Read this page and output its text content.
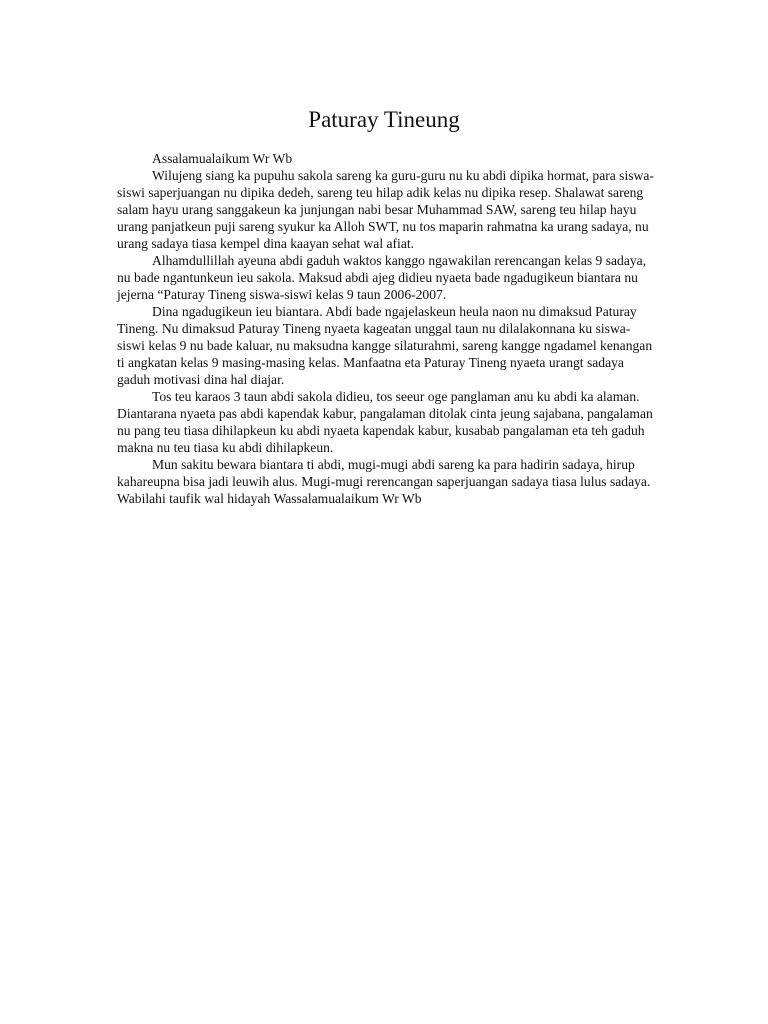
Paturay Tineung

Assalamualaikum Wr Wb

Wilujeng siang ka pupuhu sakola sareng ka guru-guru nu ku abdi dipika hormat, para siswa-siswi saperjuangan nu dipika dedeh, sareng teu hilap adik kelas nu dipika resep. Shalawat sareng salam hayu urang sanggakeun ka junjungan nabi besar Muhammad SAW, sareng teu hilap hayu urang panjatkeun puji sareng syukur ka Alloh SWT, nu tos maparin rahmatna ka urang sadaya, nu urang sadaya tiasa kempel dina kaayan sehat wal afiat.

Alhamdullillah ayeuna abdi gaduh waktos kanggo ngawakilan rerencangan kelas 9 sadaya, nu bade ngantunkeun ieu sakola. Maksud abdi ajeg didieu nyaeta bade ngadugikeun biantara nu jejerna “Paturay Tineng siswa-siswi kelas 9 taun 2006-2007.

Dina ngadugikeun ieu biantara. Abdi bade ngajelaskeun heula naon nu dimaksud Paturay Tineng. Nu dimaksud Paturay Tineng nyaeta kageatan unggal taun nu dilalakonnana ku siswa-siswi kelas 9 nu bade kaluar, nu maksudna kangge silaturahmi, sareng kangge ngadamel kenangan ti angkatan kelas 9 masing-masing kelas. Manfaatna eta Paturay Tineng nyaeta urangt sadaya gaduh motivasi dina hal diajar.

Tos teu karaos 3 taun abdi sakola didieu, tos seeur oge panglaman anu ku abdi ka alaman. Diantarana nyaeta pas abdi kapendak kabur, pangalaman ditolak cinta jeung sajabana, pangalaman nu pang teu tiasa dihilapkeun ku abdi nyaeta kapendak kabur, kusabab pangalaman eta teh gaduh makna nu teu tiasa ku abdi dihilapkeun.

Mun sakitu bewara biantara ti abdi, mugi-mugi abdi sareng ka para hadirin sadaya, hirup kahareupna bisa jadi leuwih alus. Mugi-mugi rerencangan saperjuangan sadaya tiasa lulus sadaya. Wabilahi taufik wal hidayah Wassalamualaikum Wr Wb
